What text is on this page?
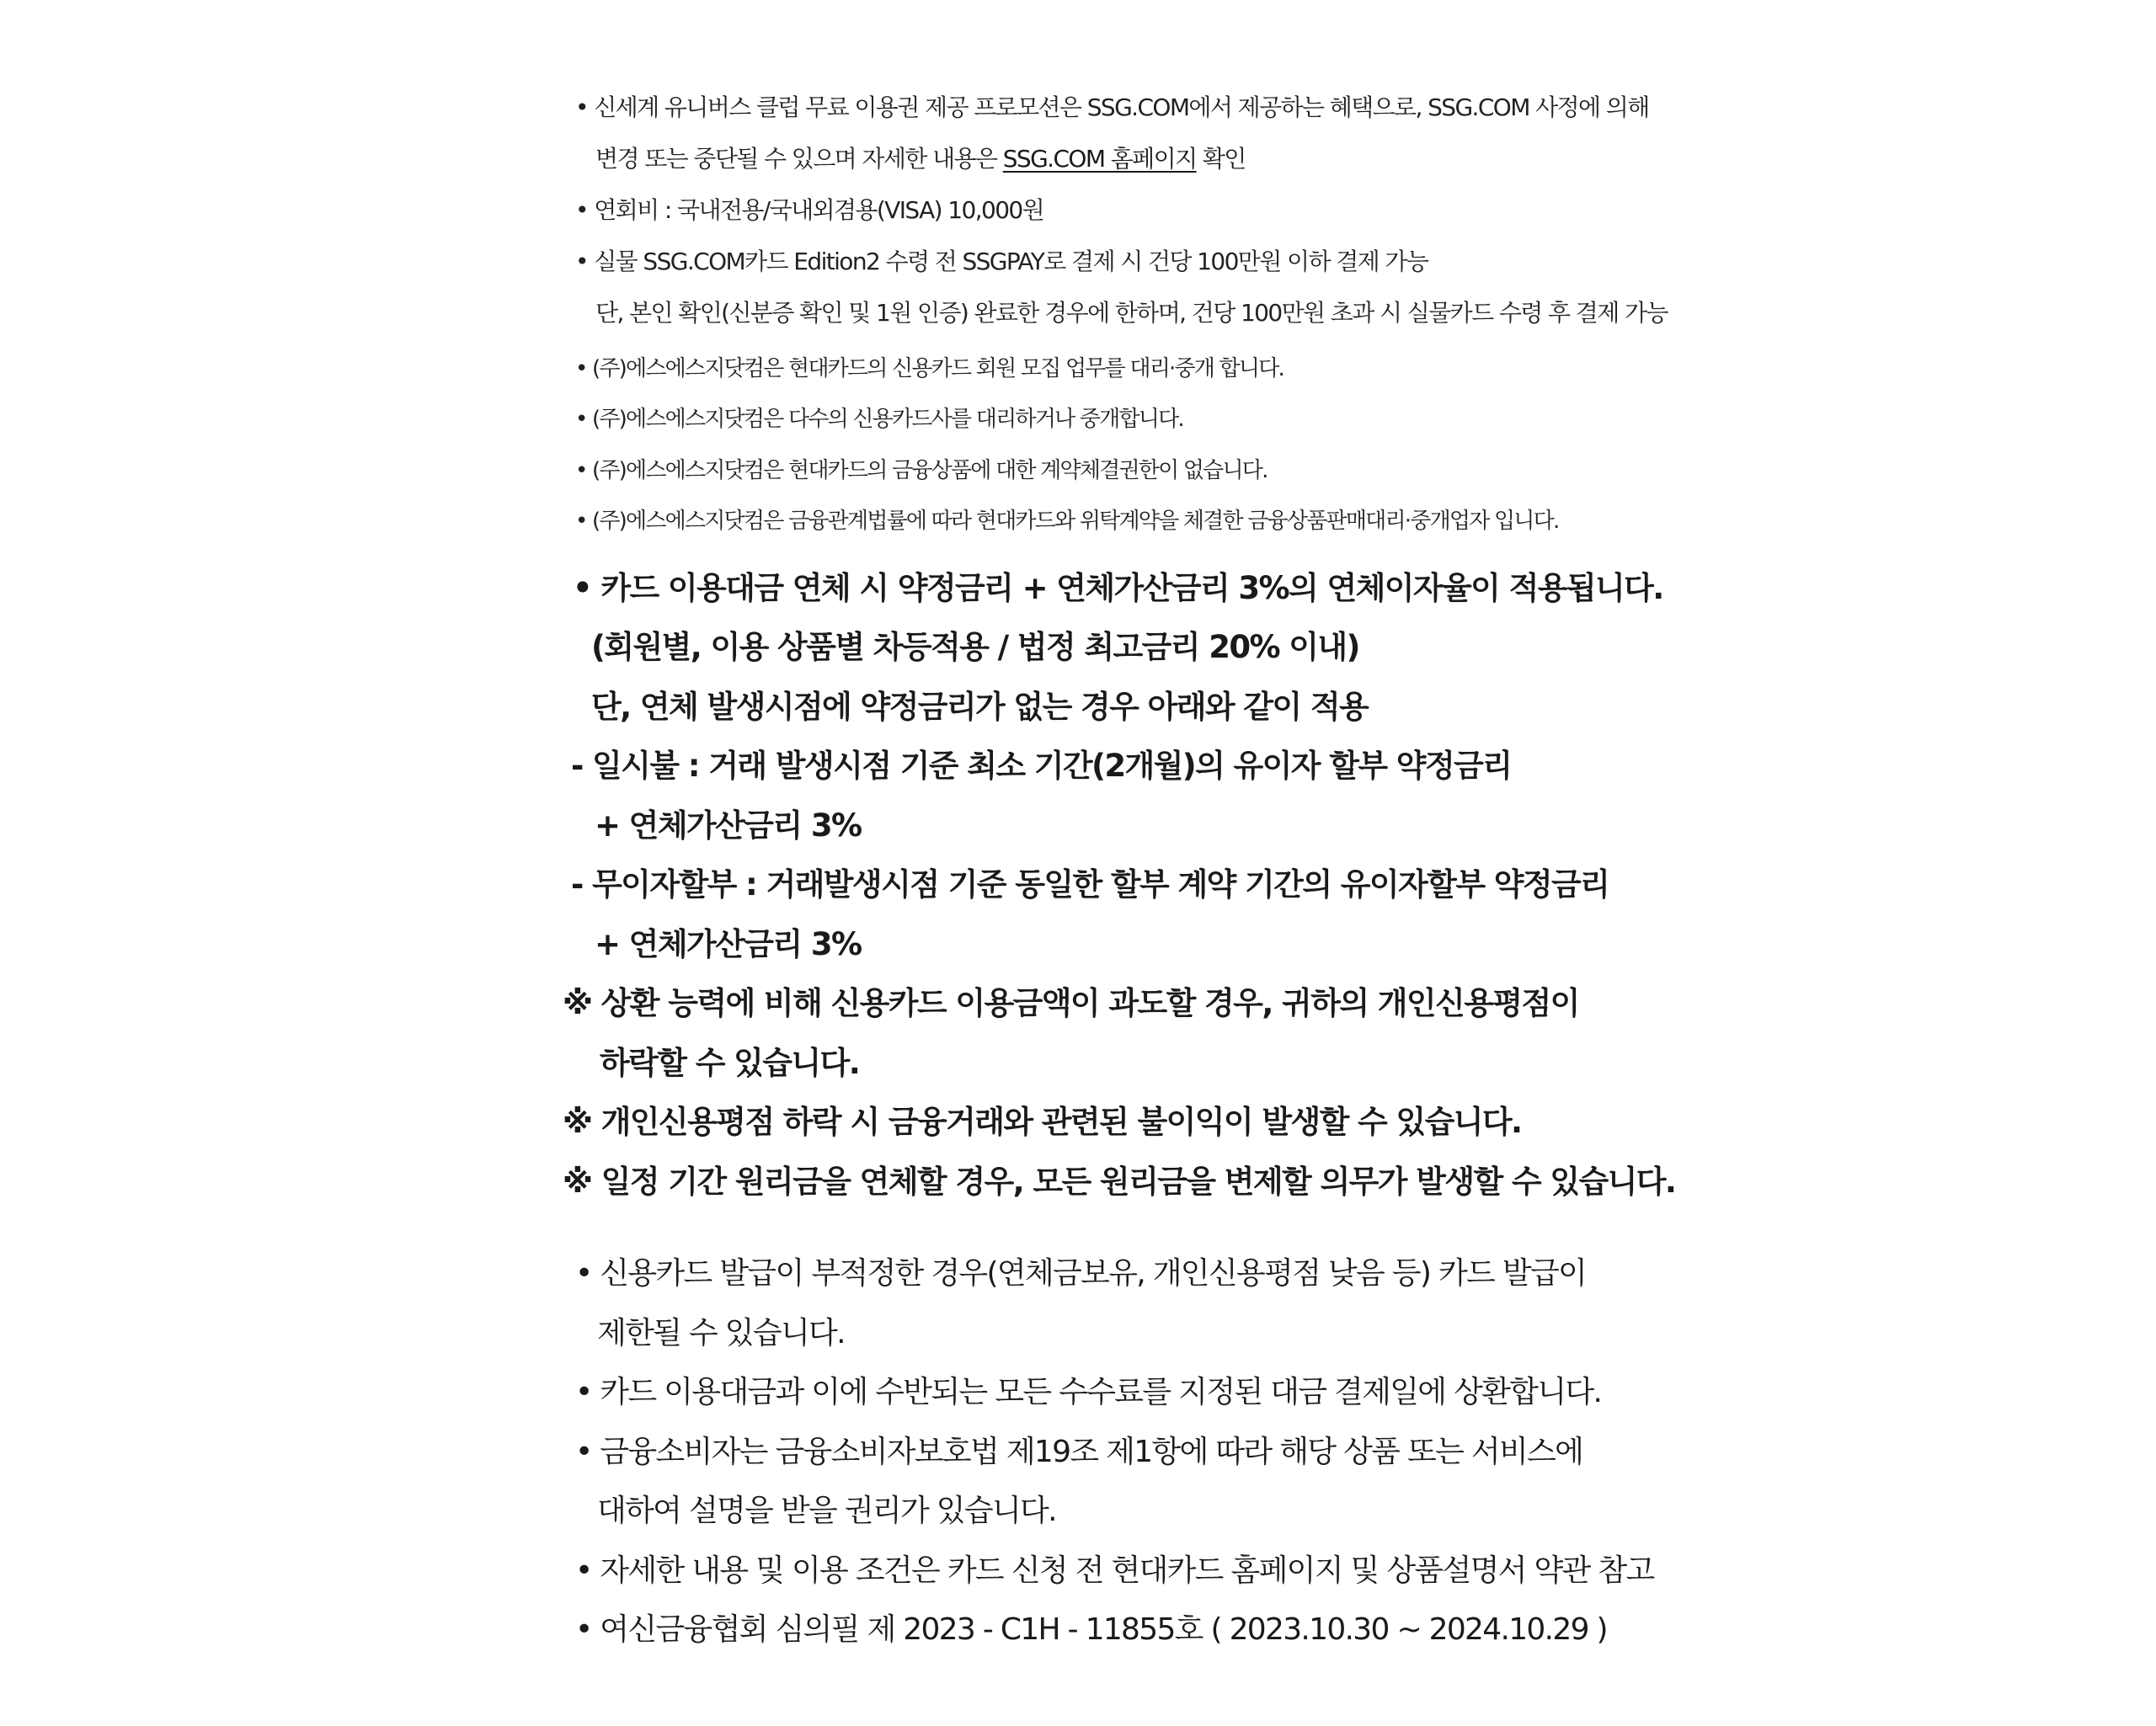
• 신세계 유니버스 클럽 무료 이용권 제공 프로모션은 SSG.COM에서 제공하는 혜택으로, SSG.COM 사정에 의해
변경 또는 중단될 수 있으며 자세한 내용은 SSG.COM 홈페이지 확인
• 연회비 : 국내전용/국내외겸용(VISA) 10,000원
• 실물 SSG.COM카드 Edition2 수령 전 SSGPAY로 결제 시 건당 100만원 이하 결제 가능
단, 본인 확인(신분증 확인 및 1원 인증) 완료한 경우에 한하며, 건당 100만원 초과 시 실물카드 수령 후 결제 가능
• (주)에스에스지닷컴은 현대카드의 신용카드 회원 모집 업무를 대리·중개 합니다.
• (주)에스에스지닷컴은 다수의 신용카드사를 대리하거나 중개합니다.
• (주)에스에스지닷컴은 현대카드의 금융상품에 대한 계약체결권한이 없습니다.
• (주)에스에스지닷컴은 금융관계법률에 따라 현대카드와 위탁계약을 체결한 금융상품판매대리·중개업자 입니다.
• 카드 이용대금 연체 시 약정금리 + 연체가산금리 3%의 연체이자율이 적용됩니다.
(회원별, 이용 상품별 차등적용 / 법정 최고금리 20% 이내)
단, 연체 발생시점에 약정금리가 없는 경우 아래와 같이 적용
- 일시불 : 거래 발생시점 기준 최소 기간(2개월)의 유이자 할부 약정금리
+ 연체가산금리 3%
- 무이자할부 : 거래발생시점 기준 동일한 할부 계약 기간의 유이자할부 약정금리
+ 연체가산금리 3%
※ 상환 능력에 비해 신용카드 이용금액이 과도할 경우, 귀하의 개인신용평점이
하락할 수 있습니다.
※ 개인신용평점 하락 시 금융거래와 관련된 불이익이 발생할 수 있습니다.
※ 일정 기간 원리금을 연체할 경우, 모든 원리금을 변제할 의무가 발생할 수 있습니다.
• 신용카드 발급이 부적정한 경우(연체금보유, 개인신용평점 낮음 등) 카드 발급이
제한될 수 있습니다.
• 카드 이용대금과 이에 수반되는 모든 수수료를 지정된 대금 결제일에 상환합니다.
• 금융소비자는 금융소비자보호법 제19조 제1항에 따라 해당 상품 또는 서비스에
대하여 설명을 받을 권리가 있습니다.
• 자세한 내용 및 이용 조건은 카드 신청 전 현대카드 홈페이지 및 상품설명서 약관 참고
• 여신금융협회 심의필 제 2023 - C1H - 11855호 ( 2023.10.30 ~ 2024.10.29 )
